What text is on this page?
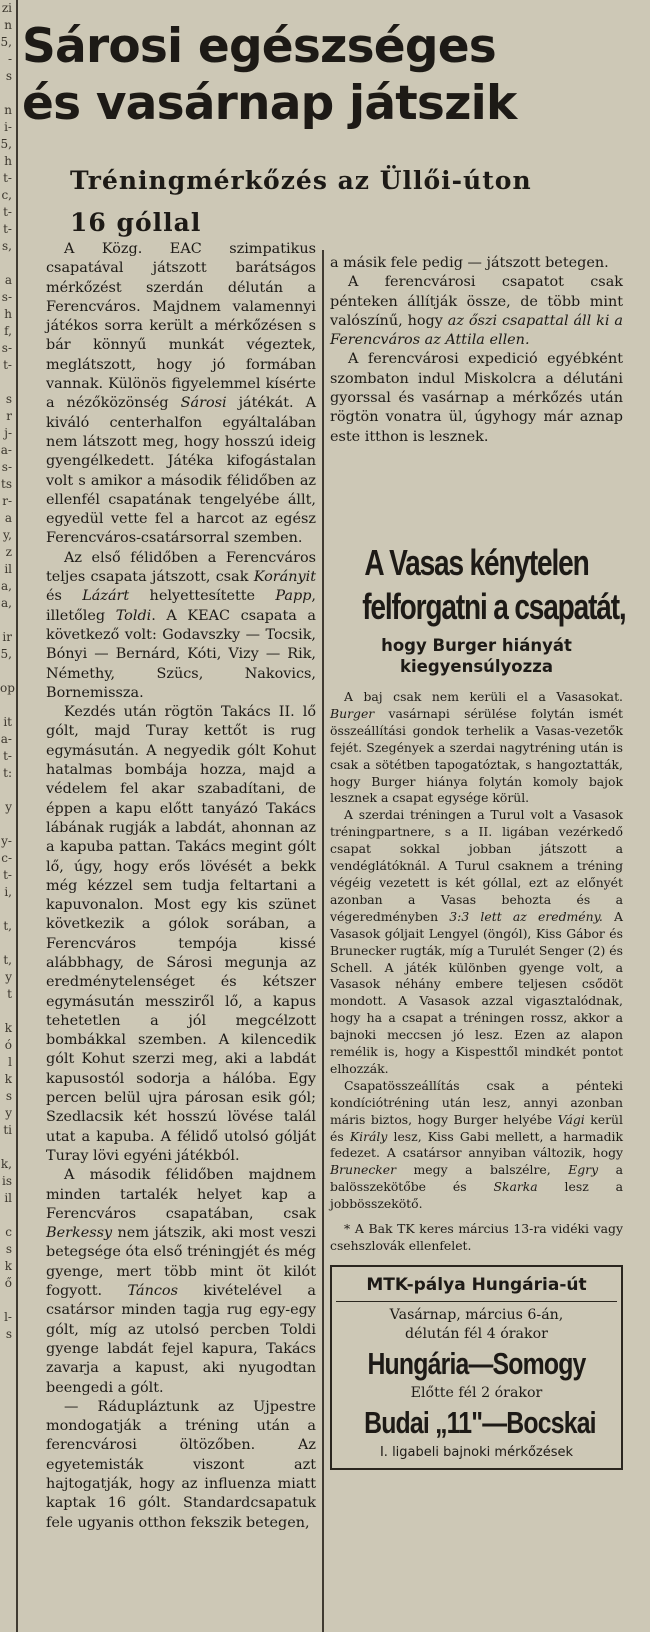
zi
n
5,
-
s
n
i-
5,
h
t-
c,
t-
t-
s,
a
s-
h
f,
s-
t-
s
r
j-
a-
s-
ts
r-
a
y,
z
il
a,
a,
ir
5,
op
it
a-
t-
t:
y
y-
c-
t-
i,
t,
t,
y
t
k
ó
l
k
s
y
ti
k,
is
il
c
s
k
ő
l-
s
Sárosi egészséges
és vasárnap játszik
Tréningmérkőzés az Üllői-úton
16 góllal

A Közg. EAC szimpatikus csapatával játszott barátságos mérkőzést szerdán délután a Ferencváros. Majdnem valamennyi játékos sorra került a mérkőzésen s bár könnyű munkát végeztek, meglátszott, hogy jó formában vannak. Különös figyelemmel kísérte a nézőközönség Sárosi játékát. A kiváló centerhalfon egyáltalában nem látszott meg, hogy hosszú ideig gyengélkedett. Játéka kifogástalan volt s amikor a második félidőben az ellenfél csapatának tengelyébe állt, egyedül vette fel a harcot az egész Ferencváros-csatársorral szemben.

Az első félidőben a Ferencváros teljes csapata játszott, csak Korányit és Lázárt helyettesítette Papp, illetőleg Toldi. A KEAC csapata a következő volt: Godavszky — Tocsik, Bónyi — Bernárd, Kóti, Vizy — Rik, Némethy, Szücs, Nakovics, Bornemissza.

Kezdés után rögtön Takács II. lő gólt, majd Turay kettőt is rug egymásután. A negyedik gólt Kohut hatalmas bombája hozza, majd a védelem fel akar szabadítani, de éppen a kapu előtt tanyázó Takács lábának rugják a labdát, ahonnan az a kapuba pattan. Takács megint gólt lő, úgy, hogy erős lövését a bekk még kézzel sem tudja feltartani a kapuvonalon. Most egy kis szünet következik a gólok sorában, a Ferencváros tempója kissé alábbhagy, de Sárosi megunja az eredménytelenséget és kétszer egymásután messziről lő, a kapus tehetetlen a jól megcélzott bombákkal szemben. A kilencedik gólt Kohut szerzi meg, aki a labdát kapusostól sodorja a hálóba. Egy percen belül ujra párosan esik gól; Szedlacsik két hosszú lövése talál utat a kapuba. A félidő utolsó gólját Turay lövi egyéni játékból.

A második félidőben majdnem minden tartalék helyet kap a Ferencváros csapatában, csak Berkessy nem játszik, aki most veszi betegsége óta első tréningjét és még gyenge, mert több mint öt kilót fogyott. Táncos kivételével a csatársor minden tagja rug egy-egy gólt, míg az utolsó percben Toldi gyenge labdát fejel kapura, Takács zavarja a kapust, aki nyugodtan beengedi a gólt.

— Rádupláztunk az Ujpestre mondogatják a tréning után a ferencvárosi öltözőben. Az egyetemisták viszont azt hajtogatják, hogy az influenza miatt kaptak 16 gólt. Standardcsapatuk fele ugyanis otthon fekszik betegen,

a másik fele pedig — játszott betegen.

A ferencvárosi csapatot csak pénteken állítják össze, de több mint valószínű, hogy az őszi csapattal áll ki a Ferencváros az Attila ellen.

A ferencvárosi expedició egyébként szombaton indul Miskolcra a délutáni gyorssal és vasárnap a mérkőzés után rögtön vonatra ül, úgyhogy már aznap este itthon is lesznek.

A Vasas kénytelen
felforgatni a csapatát,
hogy Burger hiányát
kiegyensúlyozza

A baj csak nem kerüli el a Vasasokat. Burger vasárnapi sérülése folytán ismét összeállítási gondok terhelik a Vasas-vezetők fejét. Szegények a szerdai nagytréning után is csak a sötétben tapogatóztak, s hangoztatták, hogy Burger hiánya folytán komoly bajok lesznek a csapat egysége körül.

A szerdai tréningen a Turul volt a Vasasok tréningpartnere, s a II. ligában vezérkedő csapat sokkal jobban játszott a vendéglátóknál. A Turul csaknem a tréning végéig vezetett is két góllal, ezt az előnyét azonban a Vasas behozta és a végeredményben 3:3 lett az eredmény. A Vasasok góljait Lengyel (öngól), Kiss Gábor és Brunecker rugták, míg a Turulét Senger (2) és Schell. A játék különben gyenge volt, a Vasasok néhány embere teljesen csődöt mondott. A Vasasok azzal vigasztalódnak, hogy ha a csapat a tréningen rossz, akkor a bajnoki meccsen jó lesz. Ezen az alapon remélik is, hogy a Kispesttől mindkét pontot elhozzák.

Csapatösszeállítás csak a pénteki kondíciótréning után lesz, annyi azonban máris biztos, hogy Burger helyébe Vági kerül és Király lesz, Kiss Gabi mellett, a harmadik fedezet. A csatársor annyiban változik, hogy Brunecker megy a balszélre, Egry a balösszekötőbe és Skarka lesz a jobbösszekötő.

* A Bak TK keres március 13-ra vidéki vagy csehszlovák ellenfelet.

MTK-pálya Hungária-út
Vasárnap, március 6-án,
délután fél 4 órakor
Hungária—Somogy
Előtte fél 2 órakor
Budai „11"—Bocskai
I. ligabeli bajnoki mérkőzések
